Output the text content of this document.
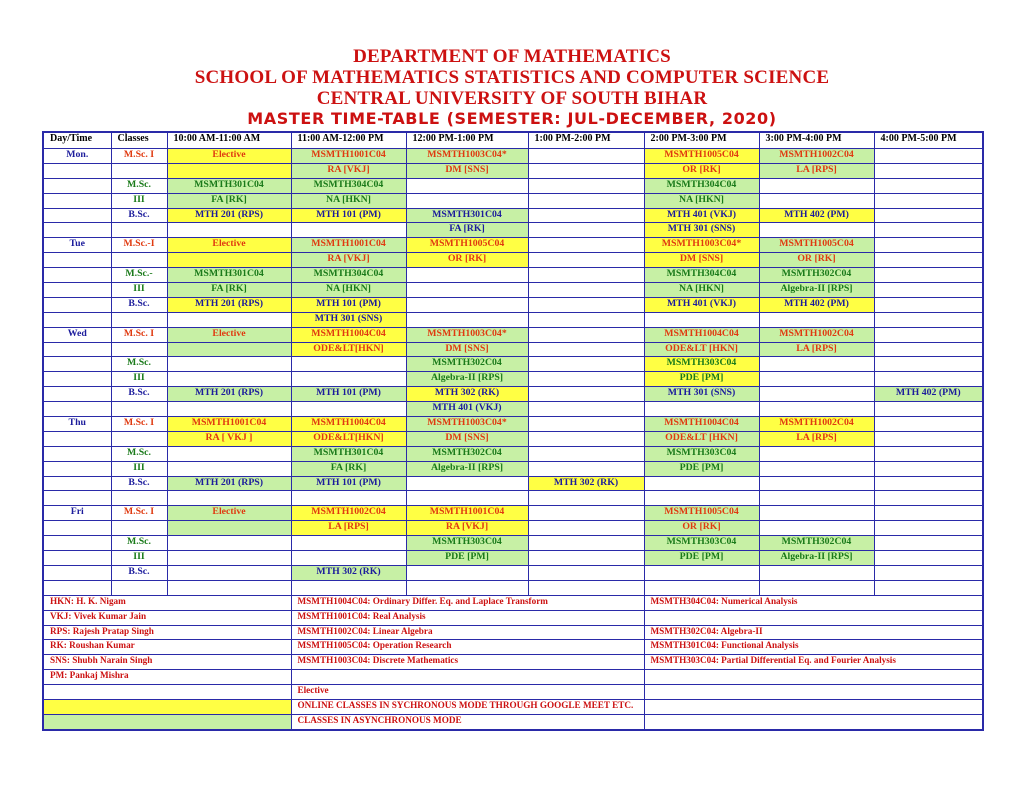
DEPARTMENT OF MATHEMATICS
SCHOOL OF MATHEMATICS STATISTICS AND COMPUTER SCIENCE
CENTRAL UNIVERSITY OF SOUTH BIHAR
MASTER TIME-TABLE (SEMESTER: JUL-DECEMBER, 2020)
Day/Time	Classes	10:00 AM-11:00 AM	11:00 AM-12:00 PM	12:00 PM-1:00 PM	1:00 PM-2:00 PM	2:00 PM-3:00 PM	3:00 PM-4:00 PM	4:00 PM-5:00 PM
Mon.	M.Sc. I	Elective	MSMTH1001C04	MSMTH1003C04*		MSMTH1005C04	MSMTH1002C04	
			RA [VKJ]	DM [SNS]		OR [RK]	LA [RPS]	
	M.Sc.	MSMTH301C04	MSMTH304C04			MSMTH304C04		
	III	FA [RK]	NA [HKN]			NA [HKN]		
	B.Sc.	MTH 201 (RPS)	MTH 101 (PM)	MSMTH301C04		MTH 401 (VKJ)	MTH 402 (PM)	
				FA [RK]		MTH 301 (SNS)		
Tue	M.Sc.-I	Elective	MSMTH1001C04	MSMTH1005C04		MSMTH1003C04*	MSMTH1005C04	
			RA [VKJ]	OR [RK]		DM [SNS]	OR [RK]	
	M.Sc.-	MSMTH301C04	MSMTH304C04			MSMTH304C04	MSMTH302C04	
	III	FA [RK]	NA [HKN]			NA [HKN]	Algebra-II [RPS]	
	B.Sc.	MTH 201 (RPS)	MTH 101 (PM)			MTH 401 (VKJ)	MTH 402 (PM)	
			MTH 301 (SNS)					
Wed	M.Sc. I	Elective	MSMTH1004C04	MSMTH1003C04*		MSMTH1004C04	MSMTH1002C04	
			ODE&LT[HKN]	DM [SNS]		ODE&LT [HKN]	LA [RPS]	
	M.Sc.			MSMTH302C04		MSMTH303C04		
	III			Algebra-II [RPS]		PDE [PM]		
	B.Sc.	MTH 201 (RPS)	MTH 101 (PM)	MTH 302 (RK)		MTH 301 (SNS)		MTH 402 (PM)
				MTH 401 (VKJ)				
Thu	M.Sc. I	MSMTH1001C04	MSMTH1004C04	MSMTH1003C04*		MSMTH1004C04	MSMTH1002C04	
		RA [ VKJ ]	ODE&LT[HKN]	DM [SNS]		ODE&LT [HKN]	LA [RPS]	
	M.Sc.		MSMTH301C04	MSMTH302C04		MSMTH303C04		
	III		FA [RK]	Algebra-II [RPS]		PDE [PM]		
	B.Sc.	MTH 201 (RPS)	MTH 101 (PM)		MTH 302 (RK)			

Fri	M.Sc. I	Elective	MSMTH1002C04	MSMTH1001C04		MSMTH1005C04		
			LA [RPS]	RA [VKJ]		OR [RK]		
	M.Sc.			MSMTH303C04		MSMTH303C04	MSMTH302C04	
	III			PDE [PM]		PDE [PM]	Algebra-II [RPS]	
	B.Sc.		MTH 302 (RK)					

HKN: H. K. Nigam			MSMTH1004C04: Ordinary Differ. Eq. and Laplace Transform			MSMTH304C04: Numerical Analysis		
VKJ: Vivek Kumar Jain			MSMTH1001C04: Real Analysis					
RPS: Rajesh Pratap Singh			MSMTH1002C04: Linear Algebra			MSMTH302C04: Algebra-II		
RK: Roushan Kumar			MSMTH1005C04: Operation Research			MSMTH301C04: Functional Analysis		
SNS: Shubh Narain Singh			MSMTH1003C04: Discrete Mathematics			MSMTH303C04: Partial Differential Eq. and Fourier Analysis		
PM: Pankaj Mishra								
			Elective					
			ONLINE CLASSES IN SYCHRONOUS MODE THROUGH GOOGLE MEET ETC.					
			CLASSES IN ASYNCHRONOUS MODE					
